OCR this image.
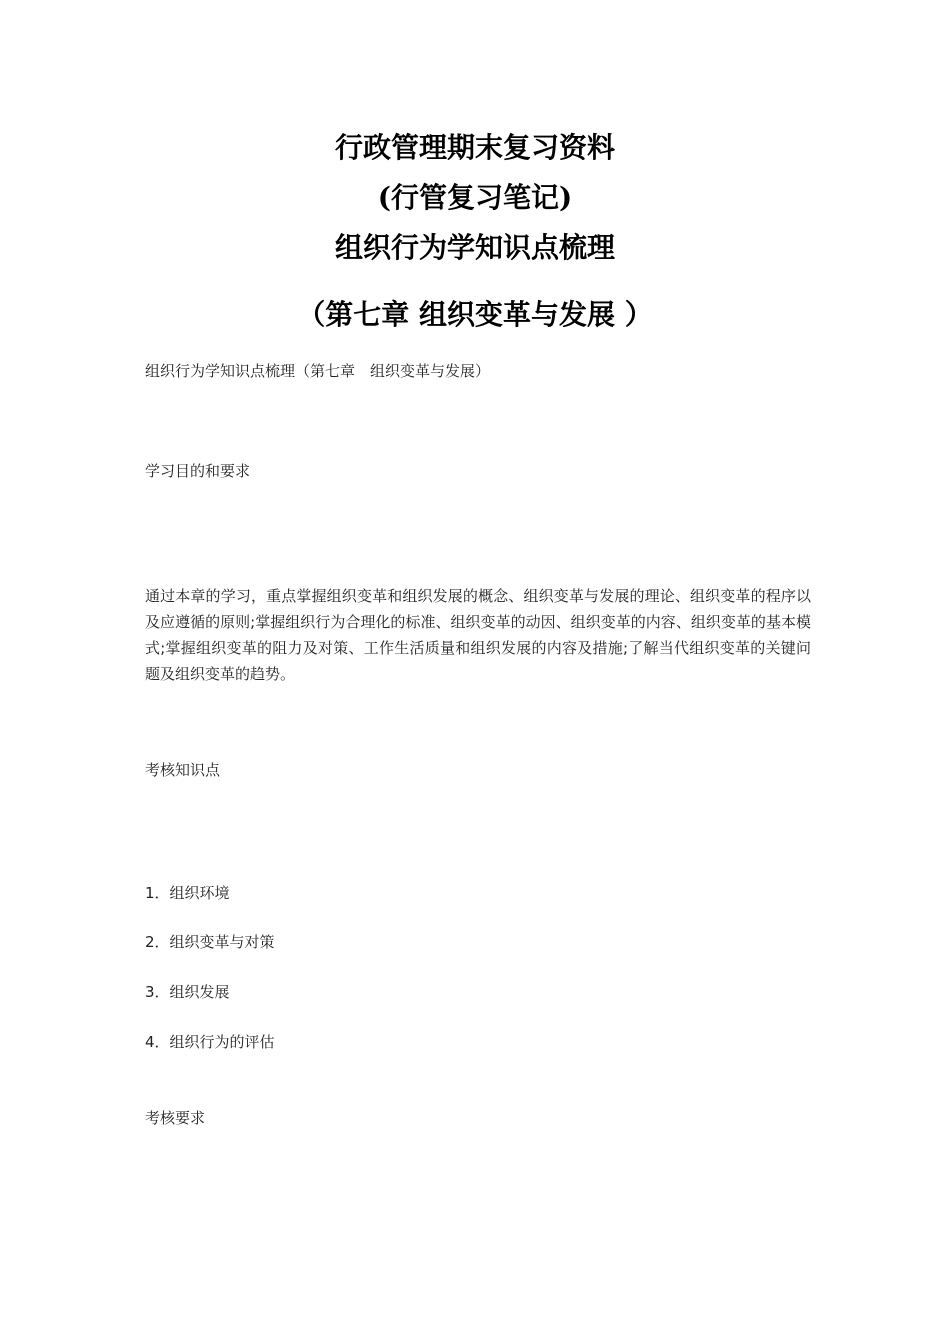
行政管理期末复习资料
(行管复习笔记)
组织行为学知识点梳理
（第七章 组织变革与发展 ）
组织行为学知识点梳理（第七章　组织变革与发展）
学习目的和要求
通过本章的学习，重点掌握组织变革和组织发展的概念、组织变革与发展的理论、组织变革的程序以及应遵循的原则;掌握组织行为合理化的标准、组织变革的动因、组织变革的内容、组织变革的基本模式;掌握组织变革的阻力及对策、工作生活质量和组织发展的内容及措施;了解当代组织变革的关键问题及组织变革的趋势。
考核知识点
1．组织环境
2．组织变革与对策
3．组织发展
4．组织行为的评估
考核要求
